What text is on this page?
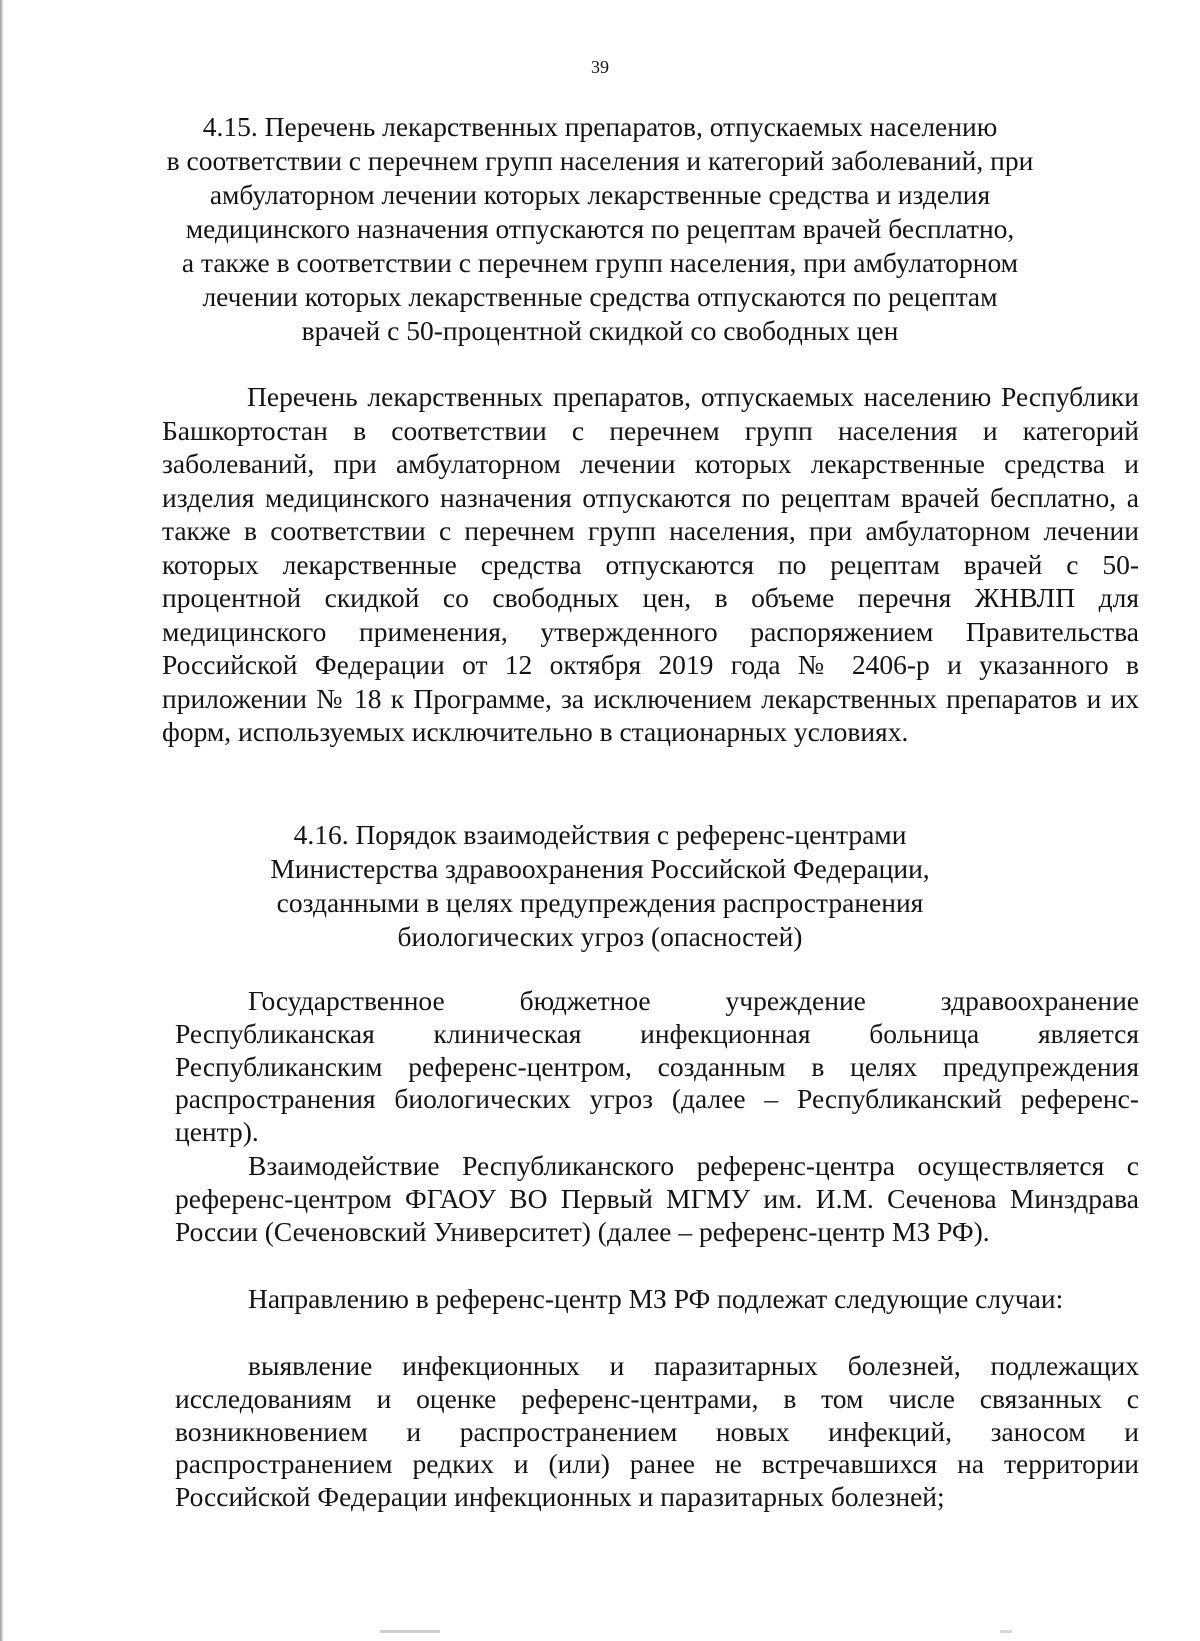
39
4.15. Перечень лекарственных препаратов, отпускаемых населению
в соответствии с перечнем групп населения и категорий заболеваний, при
амбулаторном лечении которых лекарственные средства и изделия
медицинского назначения отпускаются по рецептам врачей бесплатно,
а также в соответствии с перечнем групп населения, при амбулаторном
лечении которых лекарственные средства отпускаются по рецептам
врачей с 50-процентной скидкой со свободных цен

Перечень лекарственных препаратов, отпускаемых населению Республики Башкортостан в соответствии с перечнем групп населения и категорий заболеваний, при амбулаторном лечении которых лекарственные средства и изделия медицинского назначения отпускаются по рецептам врачей бесплатно, а также в соответствии с перечнем групп населения, при амбулаторном лечении которых лекарственные средства отпускаются по рецептам врачей с 50-процентной скидкой со свободных цен, в объеме перечня ЖНВЛП для медицинского применения, утвержденного распоряжением Правительства Российской Федерации от 12 октября 2019 года № 2406-р и указанного в приложении № 18 к Программе, за исключением лекарственных препаратов и их форм, используемых исключительно в стационарных условиях.

4.16. Порядок взаимодействия с референс-центрами
Министерства здравоохранения Российской Федерации,
созданными в целях предупреждения распространения
биологических угроз (опасностей)

Государственное бюджетное учреждение здравоохранение Республиканская клиническая инфекционная больница является Республиканским референс-центром, созданным в целях предупреждения распространения биологических угроз (далее – Республиканский референс-центр).

Взаимодействие Республиканского референс-центра осуществляется с референс-центром ФГАОУ ВО Первый МГМУ им. И.М. Сеченова Минздрава России (Сеченовский Университет) (далее – референс-центр МЗ РФ).

Направлению в референс-центр МЗ РФ подлежат следующие случаи:

выявление инфекционных и паразитарных болезней, подлежащих исследованиям и оценке референс-центрами, в том числе связанных с возникновением и распространением новых инфекций, заносом и распространением редких и (или) ранее не встречавшихся на территории Российской Федерации инфекционных и паразитарных болезней;
